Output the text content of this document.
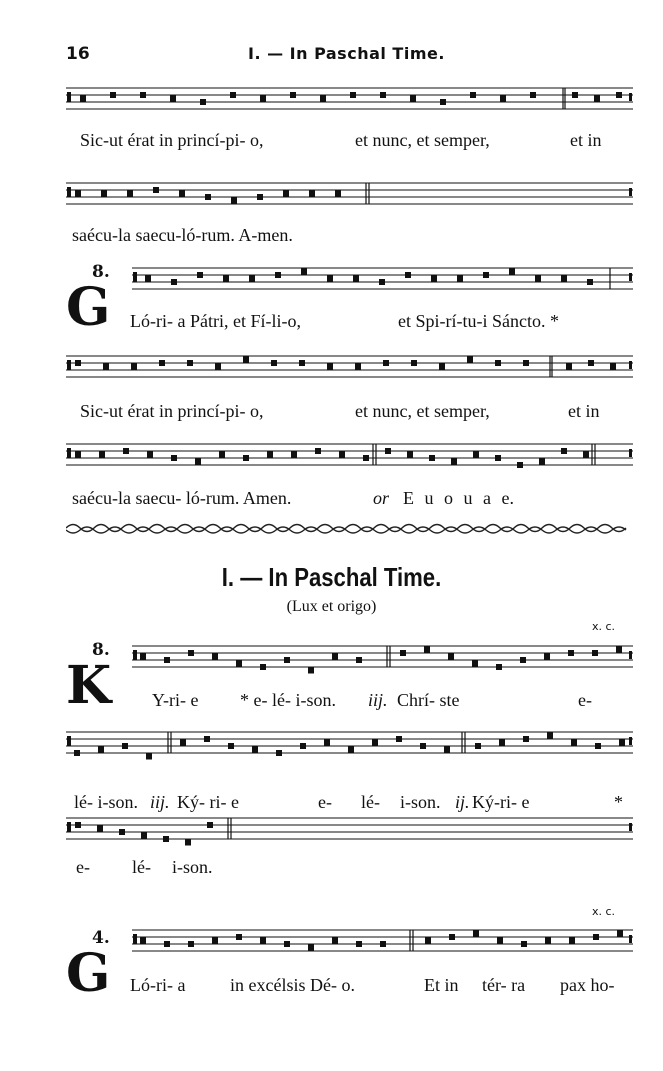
16	I. — In Paschal Time.
Sic-ut érat in princí-pi- o,	et nunc, et semper,	et in
saécu-la saecu-ló-rum. A-men.
8.
G Ló-ri- a Pátri, et Fí-li-o,	et Spi-rí-tu-i Sáncto. *
Sic-ut érat in princí-pi- o,	et nunc, et semper,	et in
saécu-la saecu- ló-rum. Amen.	or E u o u a e.
I. — In Paschal Time.
(Lux et origo)
x. c.
8.
K Y-ri- e * e- lé- i-son. iij. Chrí- ste	e-
lé- i-son. iij. Ký- ri- e	e- lé- i-son. ij. Ký-ri- e	*
e- lé- i-son.
x. c.
4.
G Ló-ri- a in excélsis Dé- o.	Et in tér- ra pax ho-
